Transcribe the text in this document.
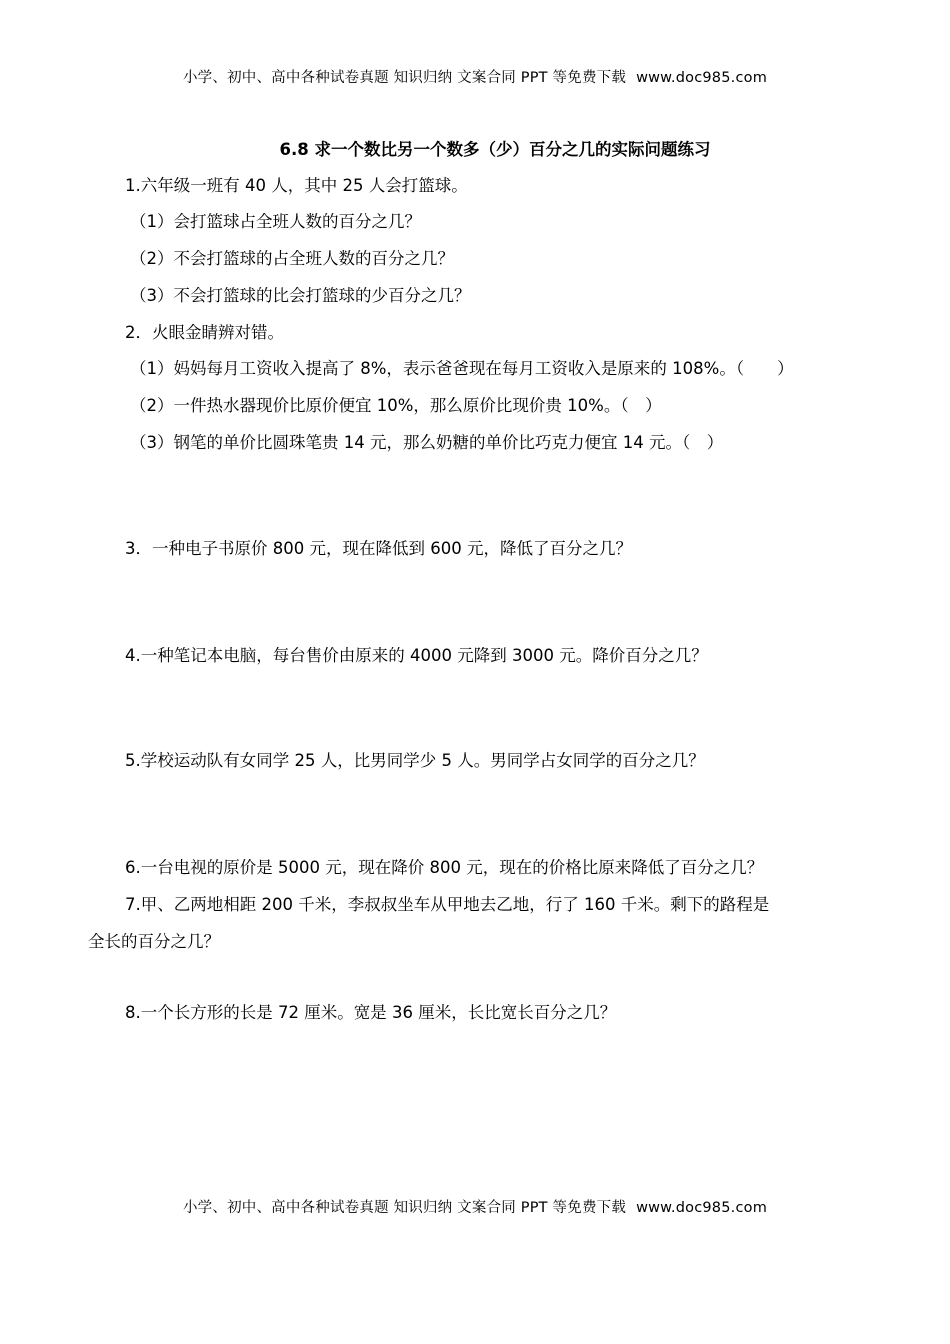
小学、初中、高中各种试卷真题 知识归纳 文案合同 PPT 等免费下载 www.doc985.com
6.8 求一个数比另一个数多（少）百分之几的实际问题练习
1.六年级一班有 40 人，其中 25 人会打篮球。
（1）会打篮球占全班人数的百分之几？
（2）不会打篮球的占全班人数的百分之几？
（3）不会打篮球的比会打篮球的少百分之几？
2．火眼金睛辨对错。
（1）妈妈每月工资收入提高了 8%，表示爸爸现在每月工资收入是原来的 108%。（　　）
（2）一件热水器现价比原价便宜 10%，那么原价比现价贵 10%。（　）
（3）钢笔的单价比圆珠笔贵 14 元，那么奶糖的单价比巧克力便宜 14 元。（　）
3．一种电子书原价 800 元，现在降低到 600 元，降低了百分之几？
4.一种笔记本电脑，每台售价由原来的 4000 元降到 3000 元。降价百分之几？
5.学校运动队有女同学 25 人，比男同学少 5 人。男同学占女同学的百分之几？
6.一台电视的原价是 5000 元，现在降价 800 元，现在的价格比原来降低了百分之几？
7.甲、乙两地相距 200 千米，李叔叔坐车从甲地去乙地，行了 160 千米。剩下的路程是
全长的百分之几？
8.一个长方形的长是 72 厘米。宽是 36 厘米，长比宽长百分之几？
小学、初中、高中各种试卷真题 知识归纳 文案合同 PPT 等免费下载 www.doc985.com
